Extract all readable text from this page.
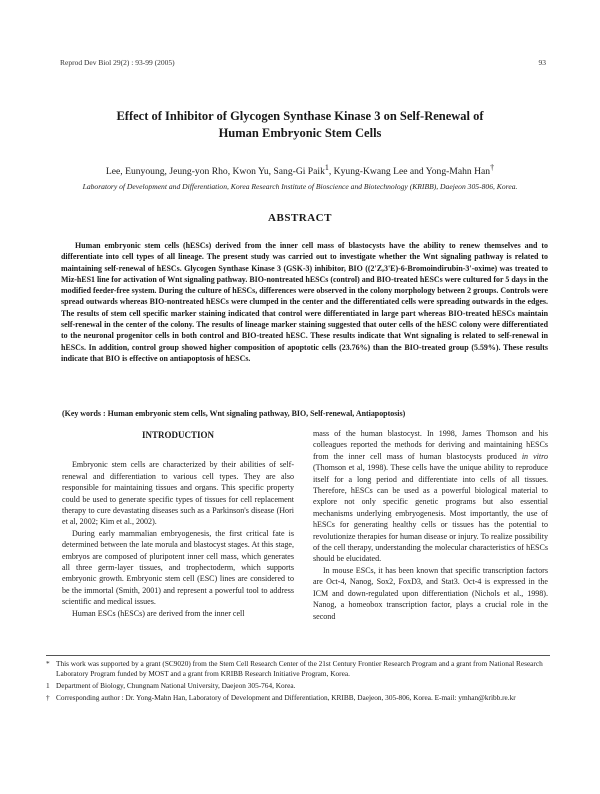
Reprod Dev Biol 29(2) : 93-99 (2005)	93
Effect of Inhibitor of Glycogen Synthase Kinase 3 on Self-Renewal of
Human Embryonic Stem Cells
Lee, Eunyoung, Jeung-yon Rho, Kwon Yu, Sang-Gi Paik$^1$, Kyung-Kwang Lee and Yong-Mahn Han†
Laboratory of Development and Differentiation, Korea Research Institute of Bioscience and Biotechnology (KRIBB), Daejeon 305-806, Korea.
ABSTRACT

Human embryonic stem cells (hESCs) derived from the inner cell mass of blastocysts have the ability to renew themselves and to differentiate into cell types of all lineage. The present study was carried out to investigate whether the Wnt signaling pathway is related to maintaining self-renewal of hESCs. Glycogen Synthase Kinase 3 (GSK-3) inhibitor, BIO ((2'Z,3'E)-6-Bromoindirubin-3'-oxime) was treated to Miz-hES1 line for activation of Wnt signaling pathway. BIO-nontreated hESCs (control) and BIO-treated hESCs were cultured for 5 days in the modified feeder-free system. During the culture of hESCs, differences were observed in the colony morphology between 2 groups. Controls were spread outwards whereas BIO-nontreated hESCs were clumped in the center and the differentiated cells were spreading outwards in the edges. The results of stem cell specific marker staining indicated that control were differentiated in large part whereas BIO-treated hESCs maintain self-renewal in the center of the colony. The results of lineage marker staining suggested that outer cells of the hESC colony were differentiated to the neuronal progenitor cells in both control and BIO-treated hESC. These results indicate that Wnt signaling is related to self-renewal in hESCs. In addition, control group showed higher composition of apoptotic cells (23.76%) than the BIO-treated group (5.59%). These results indicate that BIO is effective on antiapoptosis of hESCs.

(Key words : Human embryonic stem cells, Wnt signaling pathway, BIO, Self-renewal, Antiapoptosis)

INTRODUCTION

Embryonic stem cells are characterized by their abilities of self-renewal and differentiation to various cell types. They are also responsible for maintaining tissues and organs. This specific property could be used to generate specific types of tissues for cell replacement therapy to cure devastating diseases such as a Parkinson's disease (Hori et al, 2002; Kim et al., 2002).

During early mammalian embryogenesis, the first critical fate is determined between the late morula and blastocyst stages. At this stage, embryos are composed of pluripotent inner cell mass, which generates all three germ-layer tissues, and trophectoderm, which supports embryonic growth. Embryonic stem cell (ESC) lines are considered to be the immortal (Smith, 2001) and represent a powerful tool to address scientific and medical issues.

Human ESCs (hESCs) are derived from the inner cell

mass of the human blastocyst. In 1998, James Thomson and his colleagues reported the methods for deriving and maintaining hESCs from the inner cell mass of human blastocysts produced in vitro (Thomson et al, 1998). These cells have the unique ability to reproduce itself for a long period and differentiate into cells of all tissues. Therefore, hESCs can be used as a powerful biological material to explore not only specific genetic programs but also essential mechanisms underlying embryogenesis. Most importantly, the use of hESCs for generating healthy cells or tissues has the potential to revolutionize therapies for human disease or injury. To realize possibility of the cell therapy, understanding the molecular characteristics of hESCs should be elucidated.

In mouse ESCs, it has been known that specific transcription factors are Oct-4, Nanog, Sox2, FoxD3, and Stat3. Oct-4 is expressed in the ICM and down-regulated upon differentiation (Nichols et al., 1998). Nanog, a homeobox transcription factor, plays a crucial role in the second

* This work was supported by a grant (SC9020) from the Stem Cell Research Center of the 21st Century Frontier Research Program and a grant from National Research Laboratory Program funded by MOST and a grant from KRIBB Research Initiative Program, Korea.

1 Department of Biology, Chungnam National University, Daejeon 305-764, Korea.

† Corresponding author : Dr. Yong-Mahn Han, Laboratory of Development and Differentiation, KRIBB, Daejeon, 305-806, Korea. E-mail: ymhan@kribb.re.kr
